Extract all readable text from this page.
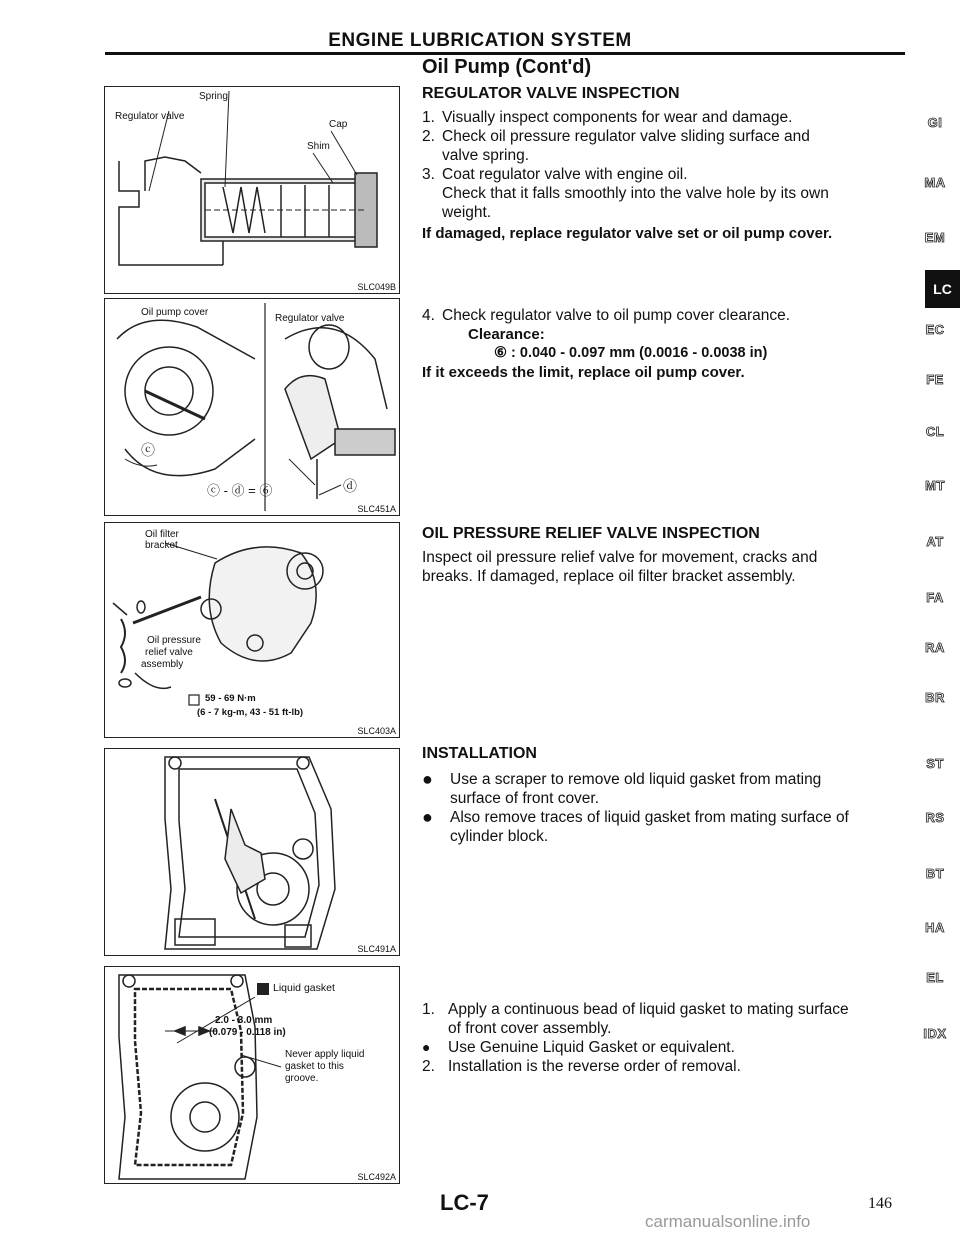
ENGINE LUBRICATION SYSTEM
Oil Pump (Cont'd)
Spring
Regulator valve
Cap
Shim
SLC049B
Oil pump cover
Regulator valve
ⓒ
ⓒ - ⓓ = ⑥	ⓓ
SLC451A
Oil filter
bracket
Oil pressure
relief valve
assembly
59 - 69 N·m
(6 - 7 kg-m, 43 - 51 ft-lb)
SLC403A
SLC491A
Liquid gasket
2.0 - 3.0 mm
(0.079 - 0.118 in)
Never apply liquid
gasket to this
groove.
SLC492A
REGULATOR VALVE INSPECTION
1. Visually inspect components for wear and damage.
2. Check oil pressure regulator valve sliding surface and
valve spring.
3. Coat regulator valve with engine oil.
Check that it falls smoothly into the valve hole by its own
weight.
If damaged, replace regulator valve set or oil pump cover.
4. Check regulator valve to oil pump cover clearance.
Clearance:
⑥ : 0.040 - 0.097 mm (0.0016 - 0.0038 in)
If it exceeds the limit, replace oil pump cover.
OIL PRESSURE RELIEF VALVE INSPECTION
Inspect oil pressure relief valve for movement, cracks and
breaks. If damaged, replace oil filter bracket assembly.
INSTALLATION
● Use a scraper to remove old liquid gasket from mating
surface of front cover.
● Also remove traces of liquid gasket from mating surface of
cylinder block.
1. Apply a continuous bead of liquid gasket to mating surface
of front cover assembly.
●	Use Genuine Liquid Gasket or equivalent.
2. Installation is the reverse order of removal.
GI
MA
EM
LC
EC
FE
CL
MT
AT
FA
RA
BR
ST
RS
BT
HA
EL
IDX
LC-7	146
carmanualsonline.info
